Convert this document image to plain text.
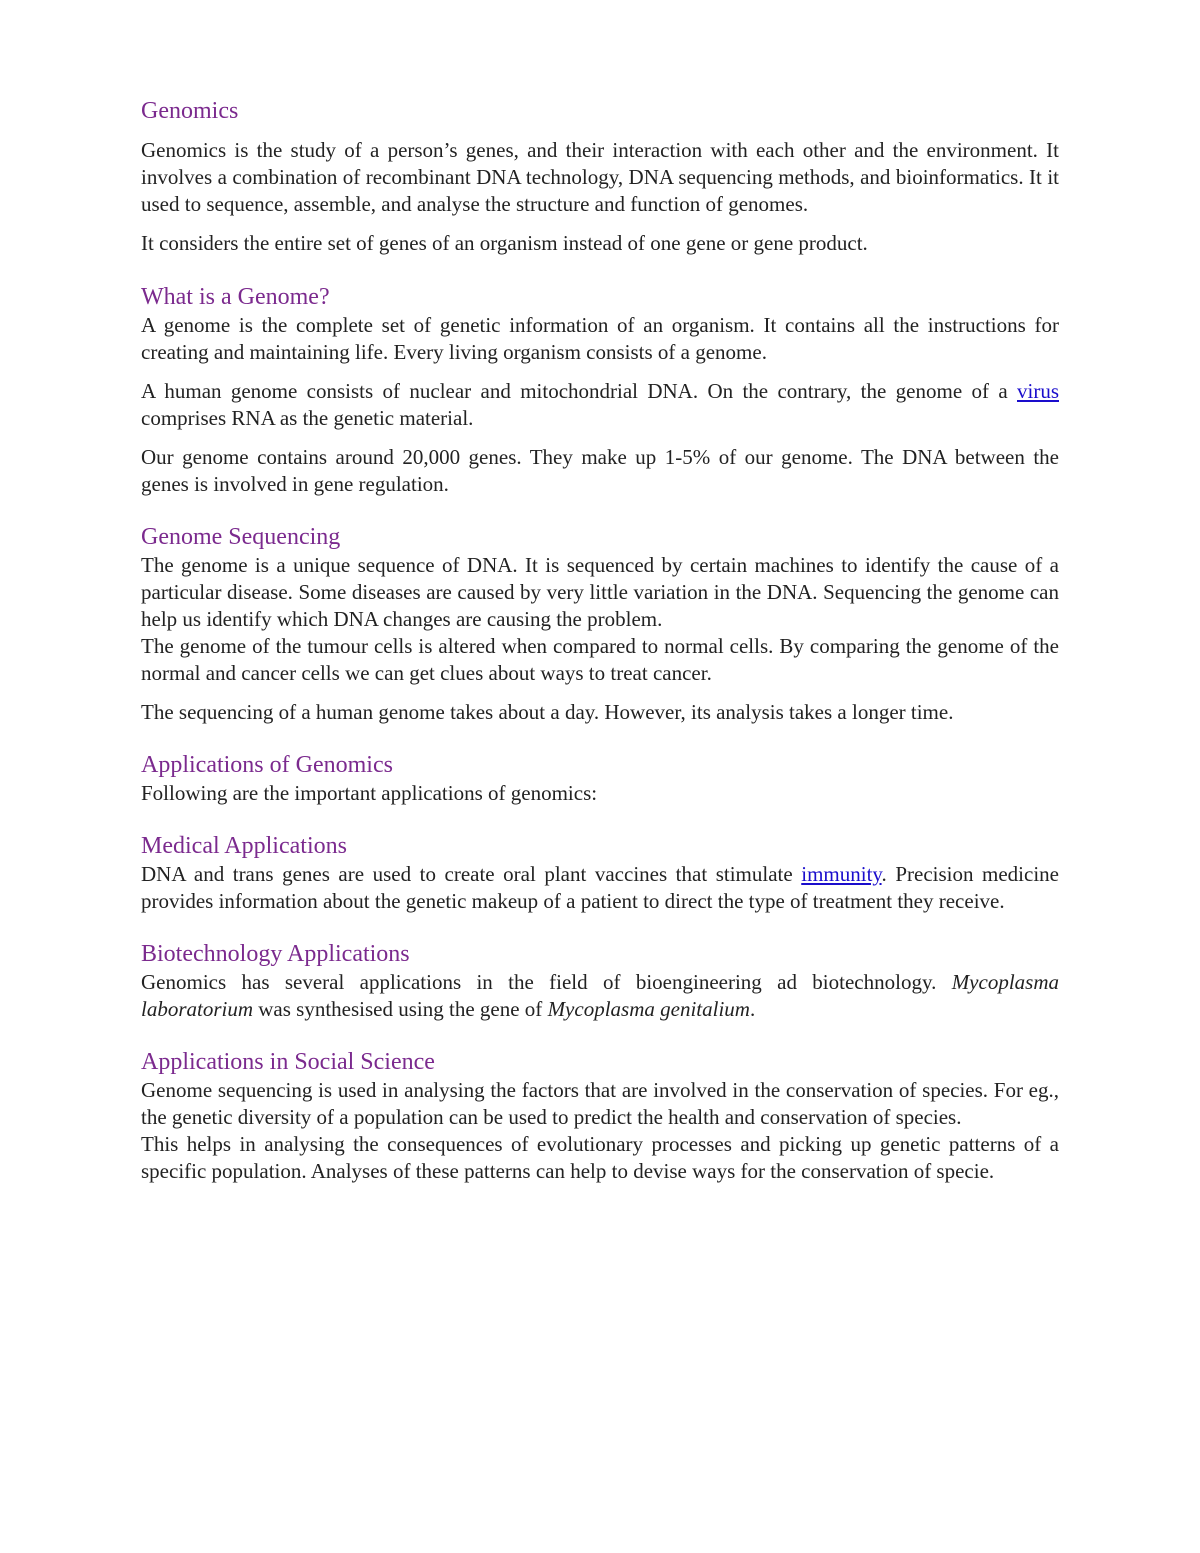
Genomics

Genomics is the study of a person’s genes, and their interaction with each other and the environment. It involves a combination of recombinant DNA technology, DNA sequencing methods, and bioinformatics. It it used to sequence, assemble, and analyse the structure and function of genomes.

It considers the entire set of genes of an organism instead of one gene or gene product.

What is a Genome?

A genome is the complete set of genetic information of an organism. It contains all the instructions for creating and maintaining life. Every living organism consists of a genome.

A human genome consists of nuclear and mitochondrial DNA. On the contrary, the genome of a virus comprises RNA as the genetic material.

Our genome contains around 20,000 genes. They make up 1-5% of our genome. The DNA between the genes is involved in gene regulation.

Genome Sequencing

The genome is a unique sequence of DNA. It is sequenced by certain machines to identify the cause of a particular disease. Some diseases are caused by very little variation in the DNA. Sequencing the genome can help us identify which DNA changes are causing the problem.

The genome of the tumour cells is altered when compared to normal cells. By comparing the genome of the normal and cancer cells we can get clues about ways to treat cancer.

The sequencing of a human genome takes about a day. However, its analysis takes a longer time.

Applications of Genomics

Following are the important applications of genomics:

Medical Applications

DNA and trans genes are used to create oral plant vaccines that stimulate immunity. Precision medicine provides information about the genetic makeup of a patient to direct the type of treatment they receive.

Biotechnology Applications

Genomics has several applications in the field of bioengineering ad biotechnology. Mycoplasma laboratorium was synthesised using the gene of Mycoplasma genitalium.

Applications in Social Science

Genome sequencing is used in analysing the factors that are involved in the conservation of species. For eg., the genetic diversity of a population can be used to predict the health and conservation of species.

This helps in analysing the consequences of evolutionary processes and picking up genetic patterns of a specific population. Analyses of these patterns can help to devise ways for the conservation of specie.
